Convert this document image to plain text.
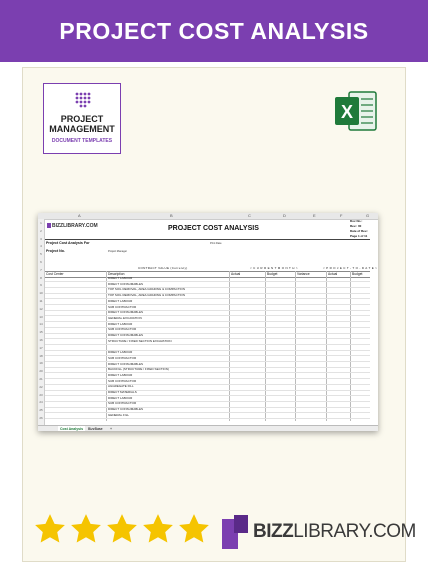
PROJECT COST ANALYSIS
PROJECT
MANAGEMENT
DOCUMENT TEMPLATES
X
A	B	C	D	E	F	G
1
2
3
4
5
6
7
8
9
10
11
12
13
14
15
16
17
18
19
20
21
22
23
24
25
26
BIZZLIBRARY.COM	PROJECT COST ANALYSIS
Doc No.:
Rev.: 00
Date of Rev.:
Page 1 of 11
Project Cost Analysis For
Project No.
Print Date
Project Manager
CONTRACT VALUE (Currency)	< C U R R E N T M O N T H >	< P R O J E C T - T O - D A T E >
Cost Center	Description	Actual	Budget	Variance	Actual	Budget
DIRECT LABOUR
DIRECT CONSUMABLES
TOP SOIL REMOVAL, AREA GRADING & COMPACTION
TOP SOIL REMOVAL, AREA GRADING & COMPACTION
DIRECT LABOUR
SUB CONTRACTOR
DIRECT CONSUMABLES
GENERAL EXCAVATION
DIRECT LABOUR
SUB CONTRACTOR
DIRECT CONSUMABLES
STRUCTURE / FIXED SECTION EXCAVATION
DIRECT LABOUR
SUB CONTRACTOR
DIRECT CONSUMABLES
BACKFILL (STRUCTURE / FIXED SECTION)
DIRECT LABOUR
SUB CONTRACTOR
AGGREGATE FILL
DIRECT MATERIALS
DIRECT LABOUR
SUB CONTRACTOR
DIRECT CONSUMABLES
GENERAL FILL
Cost Analysis	BizzBase	+
BIZZLIBRARY.COM
